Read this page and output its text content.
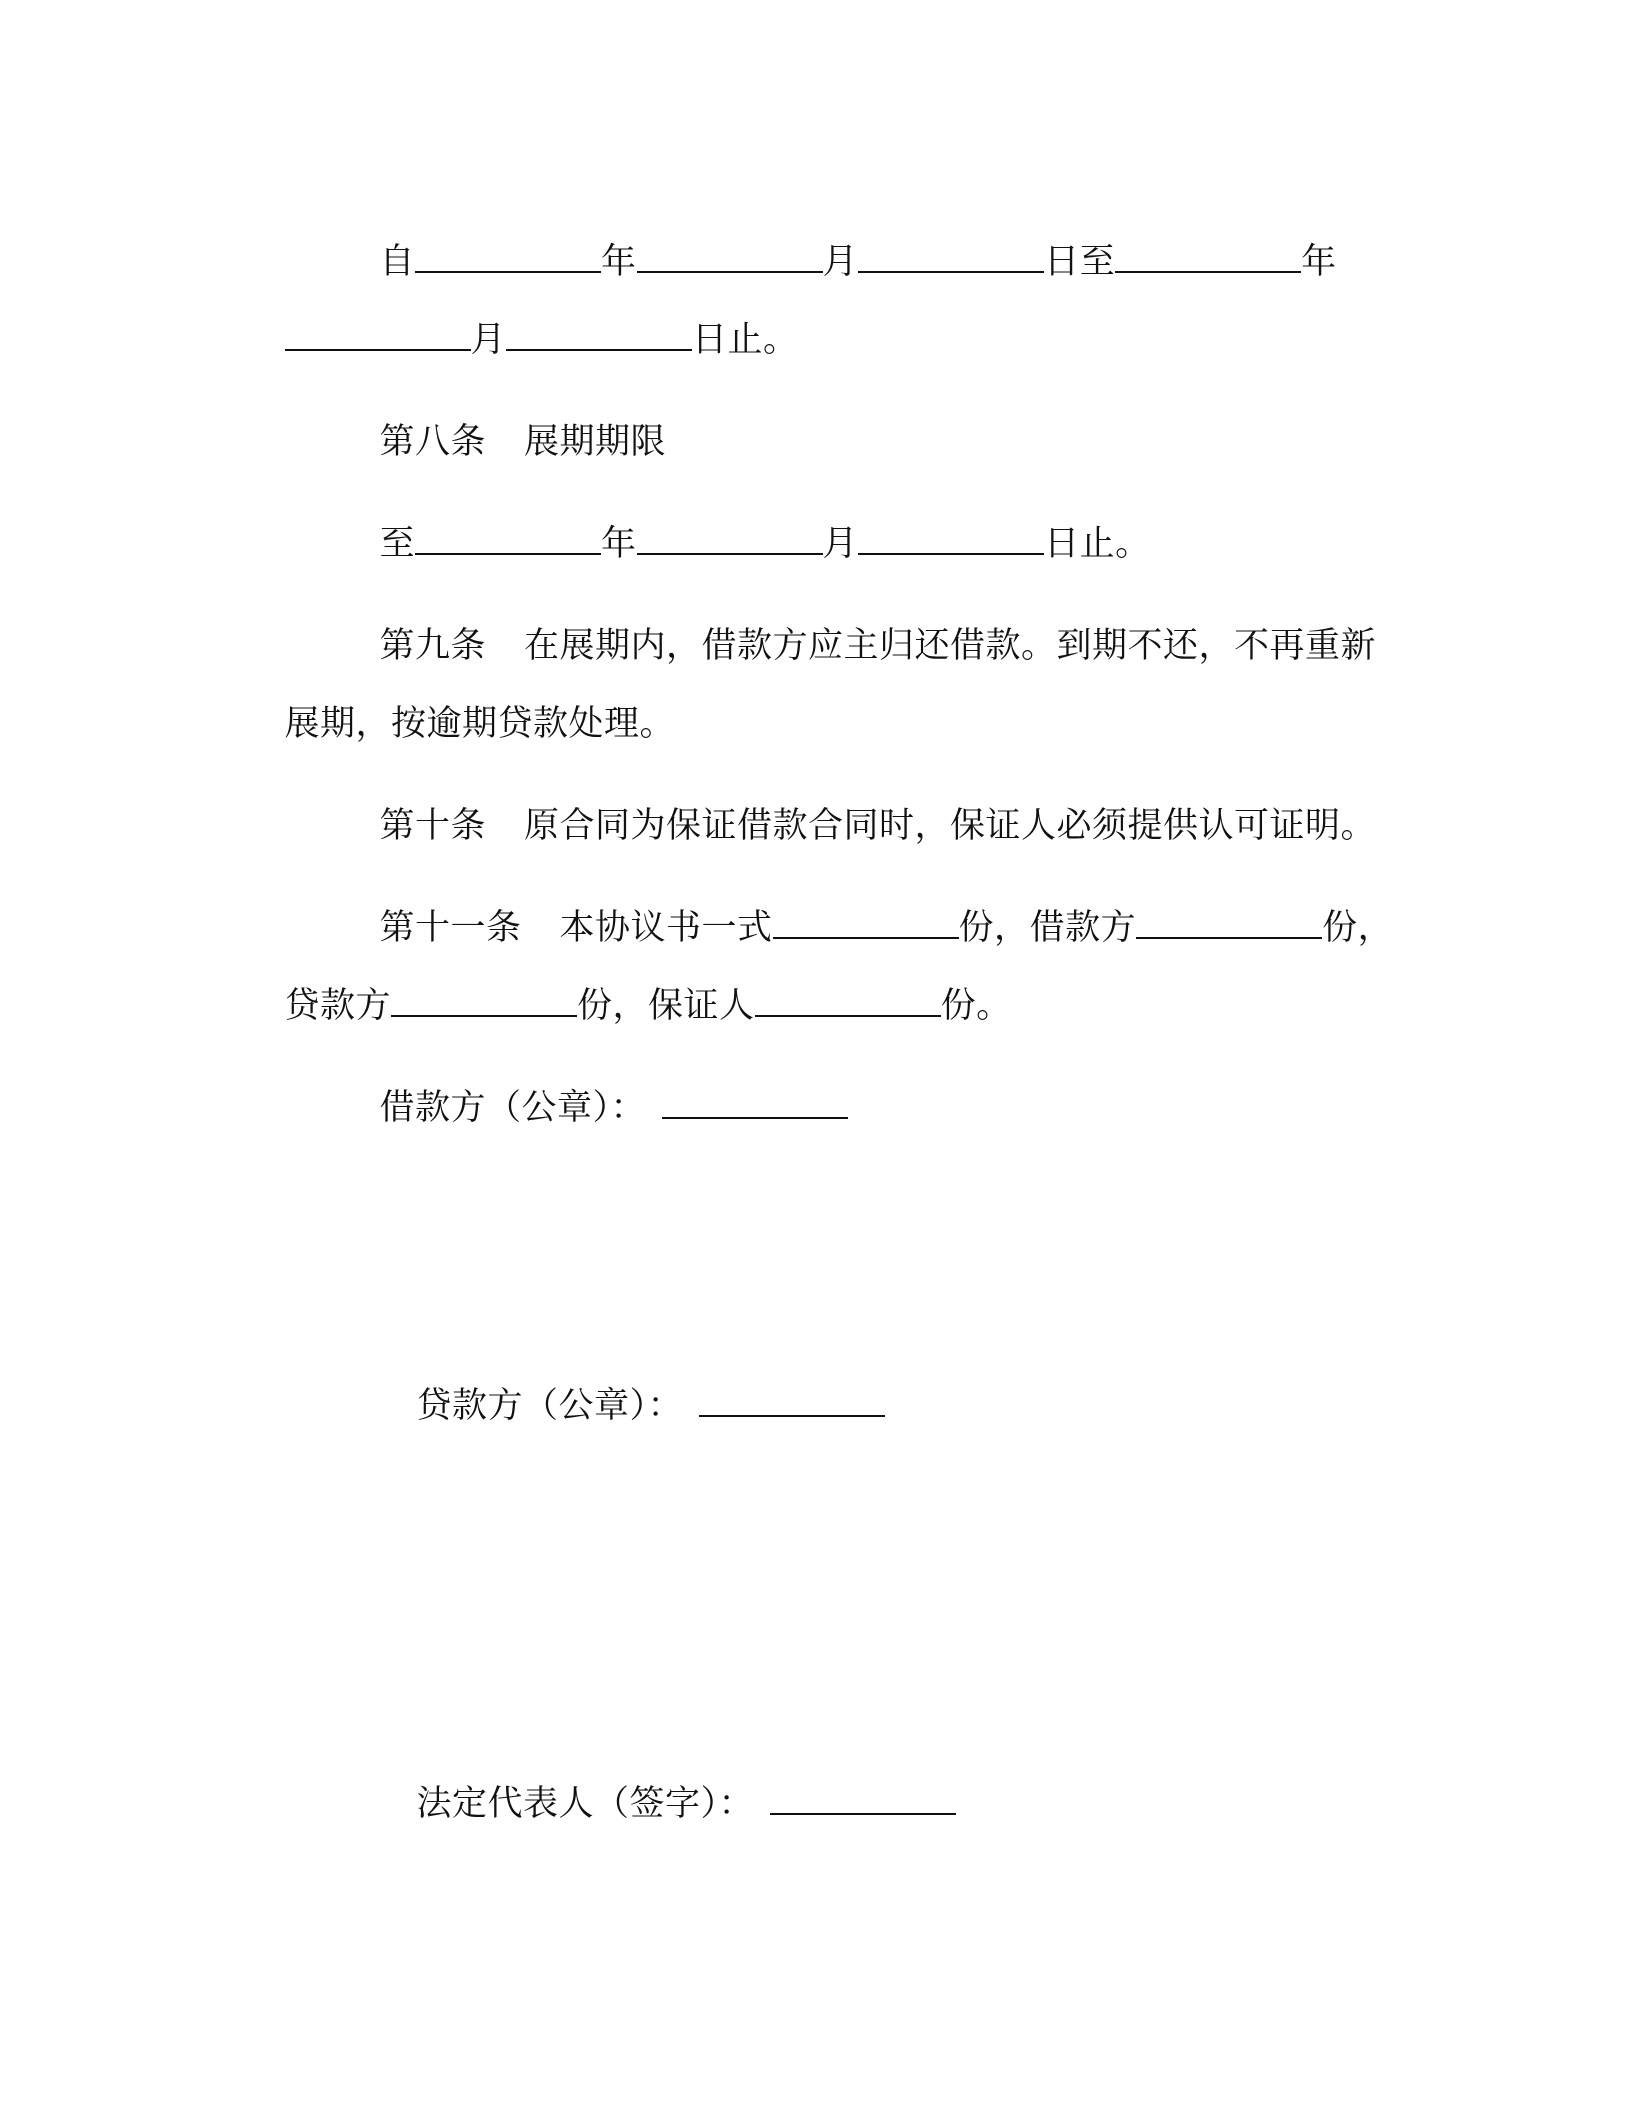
自	年	月	日至	年

月	日止。

第八条 展期期限

至	年	月	日止。

第九条 在展期内，借款方应主归还借款。到期不还，不再重新

展期，按逾期贷款处理。

第十条 原合同为保证借款合同时，保证人必须提供认可证明。

第十一条 本协议书一式	份，借款方	份，

贷款方	份，保证人	份。

借款方（公章）：

贷款方（公章）：

法定代表人（签字）：
